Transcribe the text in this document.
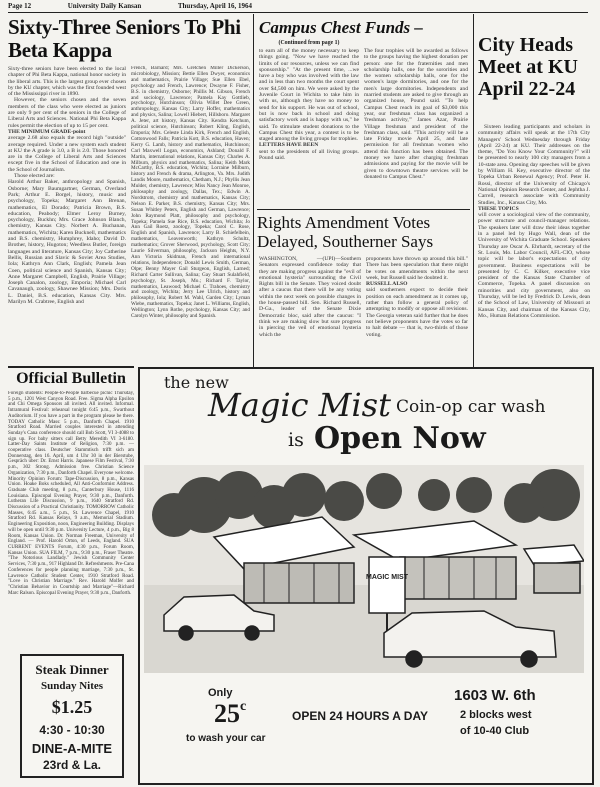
Page 12	University Daily Kansan	Thursday, April 16, 1964
Sixty-Three Seniors To Phi Beta Kappa

Sixty-three seniors have been elected to the local chapter of Phi Beta Kappa, national honor society in the liberal arts. This is the largest group ever chosen by the KU chapter, which was the first founded west of the Mississippi river in 1890.

However, the seniors chosen and the seven members of the class who were elected as juniors are only 9 per cent of the seniors in the College of Liberal Arts and Sciences. National Phi Beta Kappa rules permit the election of up to 15 per cent.

THE MINIMUM GRADE-point

average 2.68 also equals the record high "outside" average required. Under a new system each student at KU the A grade is 3.0, a B is 2.0. Those honored are in the College of Liberal Arts and Sciences except five in the School of Education and one in the School of Journalism.

Those elected are:

Harold Arthur Baker, anthropology and Spanish, Osborne; Mary Baumgartner, German, Overland Park; Arthur E. Borgel, history, music and psychology, Topeka; Margaret Ann Brenan, mathematics, El Dorado; Patricia Brown, B.S. education, Peabody; Elmer Leroy Burney, psychology, Buckhn; Mrs. Grace Johnson Blanch, chemistry, Kansas City. Norbert A. Buchanan, mathematics, Wichita; Karen Bucknell, mathematics and B.S. chemistry, Humphrey, Idaho; David D. Brother, history, Hugoton; Weedless Butler, foreign languages and literature, Kansas City; Joy Catherine Bellis, Russian and Slavic & Soviet Area Studies, Iola; Kathryn Ann Clark, English; Pamela Jean Coen, political science and Spanish, Kansas City; Anne Margaret Campbell, English, Prairie Village; Joseph Canalon, zoology, Emporia; Michael Carl Cavanaugh, zoology, Shawnee Mission; Mrs. Doris L. Daniel, B.S. education, Kansas City. Mrs. Marilyn M. Crabtree, English and

French, Barnard; Mrs. Gretchen Miller Dickerson, microbiology, Mission; Bettie Ellen Dwyer, economics and mathematics, Prairie Village; Sue Ellen Ebel, psychology and French, Lawrence; Dwayne F. Fisher, B.S. in chemistry, Osborne; Phillis M. Gibson, French and sociology, Lawrence; Pamela Kay Gottlieb, psychology, Hutchinson; Olivia Willet Dee Green, anthropology, Kansas City; Larry Hoffer, mathematics and physics, Salina; Lowell Hiebert, Hillsboro. Margaret A. Jeter, art history, Kansas City. Kendra Ketchum, political science, Hutchinson; Robert Kling, English, Emporia; Mrs. Celeste Linda Kirk, French and English, Cottonwood Falls; Patricia Kott, B.S. education, Haven; Kerry G. Lamb, history and mathematics, Hutchinson; Carl Maxwell Logan, economics, Ashland; Donald F. Martin, international relations, Kansas City; Charles A. Milburn, physics and mathematics, Salina; Keith Mark McCarthy, B.S. education, Wichita; Lorraine Milburn, history and French & drama, Arlington, Va. Mrs. Judith Landis Moore, mathematics, Chetham, N.J.; Phyllis Jean Mulder, chemistry, Lawrence; Miss Nancy Jean Monroe, philosophy and zoology, Dallas, Tex.; Edwin A. Nordstrom, chemistry and mathematics, Kansas City; Nelson E. Parker, B.S. chemistry, Kansas City; Mrs. Susan Whitley Peters, English and German, Lawrence; John Raymond Platt, philosophy and psychology, Topeka; Pamela Sue Rice, B.S. education, Wichita; Jo Ann Gail Roetz, zoology, Topeka; Carol C. Rose, English and Spanish, Lawrence; Larry B. Schiefelbein, mathematics, Leavenworth; Kathryn Schultz, mathematics; Grover Sherwood, psychology, Scott City; Laurie Silverman, philosophy, Jackson Heights, N.Y. Ann Victoria Skidman, French and international relations, Independence; Donald Lewis Smith, German, Olpe; Benny Mayer Gail Sturgeon, English, Larned; Richard Carter Sullivan, Salina; Gay Stuart Sulahfield, psychology, St. Joseph, Mo.; Richard F. Taylor, mathematics, Leawood; Michael C. Trahoes, chemistry and zoology, Wichita; Jerry Lee Ulrich, history and philosophy, Iola; Robert M. Wahl, Garden City; Lyman Wiebe, mathematics, Topeka; Janet L. Williams, English, Wellington; Lynn Rothe, psychology, Kansas City; and Carolyn Winter, philosophy and Spanish.

Campus Chest Funds –
(Continued from page 1)

to earn all of the money necessary to keep things going. "Now we have reached the limits of our resources, unless we can find sponsorship." "At the present time, ...we have a boy who was involved with the law and in less than two months the court spent over $4,500 on him. We were asked by the Juvenile Court in Wichita to take him in with us, although they have no money to send for his support. He was out of school, but is now back in school and doing satisfactory work and is happy with us," he said. To stimulate student donations to the Campus Chest this year, a contest is to be staged among the living groups for trophies.

LETTERS HAVE BEEN

sent to the presidents of all living groups. Pound said.

The four trophies will be awarded as follows to the groups having the highest donation per person: one for the fraternities and men scholarship halls, one for the sororities and the women scholarship halls, one for the women's large dormitories, and one for the men's large dormitories. Independents and married students are asked to give through an organized house, Pound said. "To help Campus Chest reach its goal of $3,000 this year, our freshman class has organized a 'freshman activity,'" James Azar, Prairie Village freshman and president of the freshman class, said. "This activity will be a late Friday movie April 25, and late permission for all freshman women who attend this function has been obtained. The money we have after charging freshman admissions and paying for the movie will be given to downtown theatre services will be donated to Campus Chest."

City Heads Meet at KU April 22-24

Sixteen leading participants and scholars in community affairs will speak at the 17th City Managers' School Wednesday through Friday (April 22-24) at KU. Their addresses on the theme, "Do You Know Your Community?" will be presented to nearly 100 city managers from a 10-state area. Opening day speeches will be given by William H. Key, executive director of the Topeka Urban Renewal Agency; Prof. Peter H. Rossi, director of the University of Chicago's National Opinion Research Center, and Jephtha J. Carrell, research associate with Community Studies, Inc., Kansas City, Mo.

THESE TOPICS

will cover a sociological view of the community, power structure and council-manager relations. The speakers later will draw their ideas together in a panel led by Hugo Wall, dean of the University of Wichita Graduate School. Speakers Thursday are Oscar A. Ehrhardt, secretary of the St. Louis, Mo. Labor Council, AFL-CIO, whose topic will be labor's expectations of city government. Business expectations will be presented by C. C. Kilker, executive vice president of the Kansas State Chamber of Commerce, Topeka. A panel discussion on minorities and city government, also on Thursday, will be led by Fredrick D. Lewis, dean of the School of Law, University of Missouri at Kansas City, and chairman of the Kansas City, Mo., Human Relations Commission.

Rights Amendment Votes Delayed, Southerner Says

WASHINGTON, —(UPI)—Southern Senators expressed confidence today that they are making progress against the "evil of emotional hysteria" surrounding the Civil Rights bill in the Senate. They voiced doubt after a caucus that there will be any voting within the next week on possible changes in the house-passed bill. Sen. Richard Russell, D-Ga., leader of the Senate Dixie Democratic bloc, said after the caucus: "I think we are making slow but sure progress in piercing the veil of emotional hysteria which the

proponents have thrown up around this bill." There has been speculation that there might be votes on amendments within the next week, but Russell said he doubted it.

RUSSELL ALSO

said southerners expect to decide their position on each amendment as it comes up, rather than follow a general policy of attempting to modify or oppose all revisions. The Georgia veteran said further that he does not believe proponents have the votes so far to halt debate — that is, two-thirds of those voting.

Official Bulletin

Foreign students: People-to-People barbecue picnic Thursday, 5 p.m., 1201 West Canyon Road. Free. Sigma Alpha Epsilon and Chi Omega Sponsors all invited. All invited. Informal. Intramural Festival: rehearsal tonight 6:45 p.m., Swarthout Auditorium. If you have a part in the program please be there. TODAY Catholic Mass: 5 p.m., Danforth Chapel. 1910 Stratford Road. Married couples interested in attending Sunday's Cana conference should call Bob Scott, VI 3-4088 to sign up. For baby sitters call Betty Meredith VI 3-6180. Latter-Day Saints Institute of Religion, 7:30 p.m. — cooperative class. Deutscher Stammtisch trifft sich am Donnerstag, den 16. April, um 4 Uhr 30 in der Bierstube, Gespräch über: Dr. Ernst Harris. Japanese Film Festival, 7:30 p.m., 302 Strong. Admission free. Christian Science Organization, 7:30 p.m., Danforth Chapel. Everyone welcome. Minority Opinion Forum: Tape-Discussion, 8 p.m., Kansas Union. Hoake Boks scheduled, All Anti-Conformist Address. Graduate Club meeting, 8 p.m., Canterbury House, 1116 Louisiana. Episcopal Evening Prayer, 9:30 p.m., Danforth. Lutheran Life Discussion, 9 p.m., 1640 Stratford Rd. Discussion of a Practical Christianity. TOMORROW Catholic Masses, 6:45 a.m., 5 p.m., St. Lawrence Chapel, 1910 Stratford Rd. Kansas Relays, 9 a.m., Memorial Stadium. Engineering Exposition, noon, Engineering Building. Displays will be open until 9:30 p.m. University Lecture, 4 p.m., Big 8 Room, Kansas Union. Dr. Norman Freeman, University of England. — Prof. Harold Orton, of Leeds, England. SUA CURRENT EVENTS Forum, 4:30 p.m., Forum Room, Kansas Union. SUA FILM, 7 p.m., 9:30 p.m., Fraser Theatre. "The Notorious Landlady." Jewish Community Center Services, 7:30 p.m., 917 Highland Dr. Refreshments. Pre-Cana Conferences for people planning marriage, 7:30 p.m., St. Lawrence Catholic Student Center, 1910 Stratford Road. "Love in Christian Marriage." Rev. Harold Molfer and "Christian Behavior in Courtship and Marriage"—Richard Marc Ralson. Episcopal Evening Prayer, 9:30 p.m., Danforth.

Steak Dinner
Sunday Nites
$1.25
4:30 - 10:30
DINE-A-MITE
23rd & La.
the new
Magic Mist Coin-op car wash
is Open Now
MAGIC MIST
Only
25c
to wash your car
OPEN 24 HOURS A DAY
1603 W. 6th
2 blocks west
of 10-40 Club
